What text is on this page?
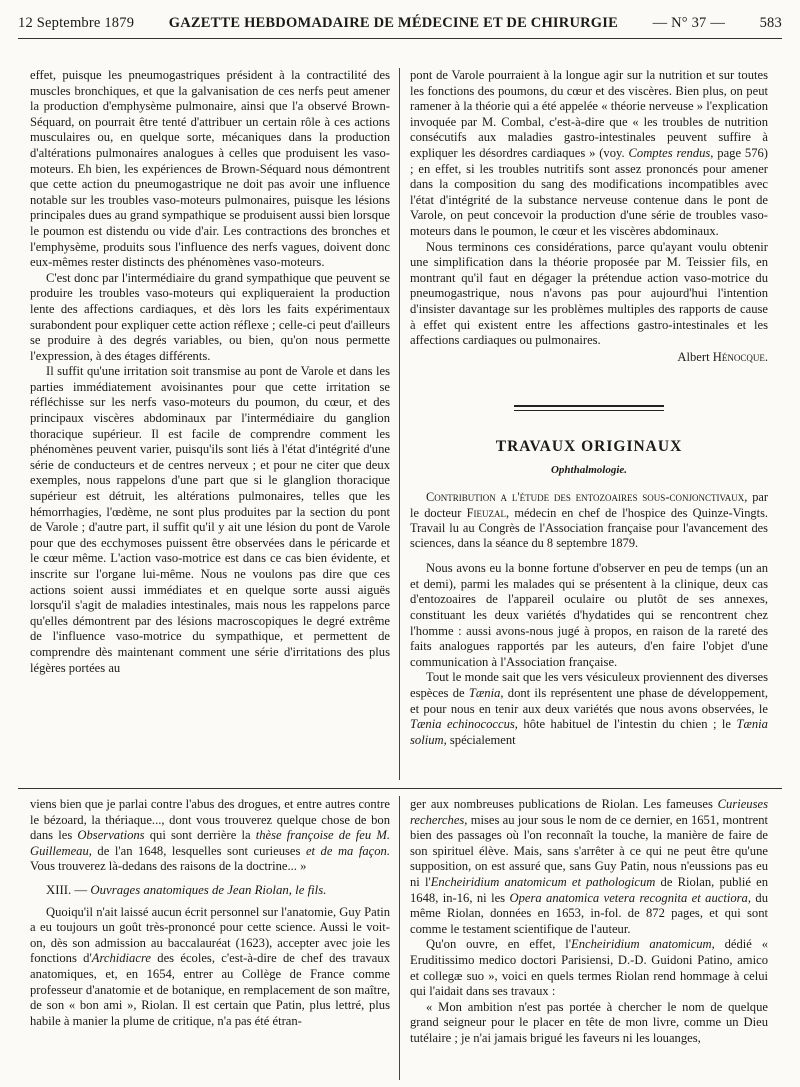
12 Septembre 1879 GAZETTE HEBDOMADAIRE DE MÉDECINE ET DE CHIRURGIE — N° 37 — 583

effet, puisque les pneumogastriques président à la contractilité des muscles bronchiques, et que la galvanisation de ces nerfs peut amener la production d'emphysème pulmonaire, ainsi que l'a observé Brown-Séquard, on pourrait être tenté d'attribuer un certain rôle à ces actions musculaires ou, en quelque sorte, mécaniques dans la production d'altérations pulmonaires analogues à celles que produisent les vaso-moteurs. Eh bien, les expériences de Brown-Séquard nous démontrent que cette action du pneumogastrique ne doit pas avoir une influence notable sur les troubles vaso-moteurs pulmonaires, puisque les lésions principales dues au grand sympathique se produisent aussi bien lorsque le poumon est distendu ou vide d'air. Les contractions des bronches et l'emphysème, produits sous l'influence des nerfs vagues, doivent donc eux-mêmes rester distincts des phénomènes vaso-moteurs.

C'est donc par l'intermédiaire du grand sympathique que peuvent se produire les troubles vaso-moteurs qui expliqueraient la production lente des affections cardiaques, et dès lors les faits expérimentaux surabondent pour expliquer cette action réflexe ; celle-ci peut d'ailleurs se produire à des degrés variables, ou bien, qu'on nous permette l'expression, à des étages différents.

Il suffit qu'une irritation soit transmise au pont de Varole et dans les parties immédiatement avoisinantes pour que cette irritation se réfléchisse sur les nerfs vaso-moteurs du poumon, du cœur, et des principaux viscères abdominaux par l'intermédiaire du ganglion thoracique supérieur. Il est facile de comprendre comment les phénomènes peuvent varier, puisqu'ils sont liés à l'état d'intégrité d'une série de conducteurs et de centres nerveux ; et pour ne citer que deux exemples, nous rappelons d'une part que si le glanglion thoracique supérieur est détruit, les altérations pulmonaires, telles que les hémorrhagies, l'œdème, ne sont plus produites par la section du pont de Varole ; d'autre part, il suffit qu'il y ait une lésion du pont de Varole pour que des ecchymoses puissent être observées dans le péricarde et le cœur même. L'action vaso-motrice est dans ce cas bien évidente, et inscrite sur l'organe lui-même. Nous ne voulons pas dire que ces actions soient aussi immédiates et en quelque sorte aussi aiguës lorsqu'il s'agit de maladies intestinales, mais nous les rappelons parce qu'elles démontrent par des lésions macroscopiques le degré extrême de l'influence vaso-motrice du sympathique, et permettent de comprendre dès maintenant comment une série d'irritations des plus légères portées au

pont de Varole pourraient à la longue agir sur la nutrition et sur toutes les fonctions des poumons, du cœur et des viscères. Bien plus, on peut ramener à la théorie qui a été appelée « théorie nerveuse » l'explication invoquée par M. Combal, c'est-à-dire que « les troubles de nutrition consécutifs aux maladies gastro-intestinales peuvent suffire à expliquer les désordres cardiaques » (voy. Comptes rendus, page 576) ; en effet, si les troubles nutritifs sont assez prononcés pour amener dans la composition du sang des modifications incompatibles avec l'état d'intégrité de la substance nerveuse contenue dans le pont de Varole, on peut concevoir la production d'une série de troubles vaso-moteurs dans le poumon, le cœur et les viscères abdominaux.

Nous terminons ces considérations, parce qu'ayant voulu obtenir une simplification dans la théorie proposée par M. Teissier fils, en montrant qu'il faut en dégager la prétendue action vaso-motrice du pneumogastrique, nous n'avons pas pour aujourd'hui l'intention d'insister davantage sur les problèmes multiples des rapports de cause à effet qui existent entre les affections gastro-intestinales et les affections cardiaques ou pulmonaires.

Albert Hénocque.
TRAVAUX ORIGINAUX
Ophthalmologie.
Contribution a l'étude des entozoaires sous-conjonctivaux, par le docteur Fieuzal, médecin en chef de l'hospice des Quinze-Vingts. Travail lu au Congrès de l'Association française pour l'avancement des sciences, dans la séance du 8 septembre 1879.

Nous avons eu la bonne fortune d'observer en peu de temps (un an et demi), parmi les malades qui se présentent à la clinique, deux cas d'entozoaires de l'appareil oculaire ou plutôt de ses annexes, constituant les deux variétés d'hydatides qui se rencontrent chez l'homme : aussi avons-nous jugé à propos, en raison de la rareté des faits analogues rapportés par les auteurs, d'en faire l'objet d'une communication à l'Association française.

Tout le monde sait que les vers vésiculeux proviennent des diverses espèces de Tænia, dont ils représentent une phase de développement, et pour nous en tenir aux deux variétés que nous avons observées, le Tænia echinococcus, hôte habituel de l'intestin du chien ; le Tænia solium, spécialement

viens bien que je parlai contre l'abus des drogues, et entre autres contre le bézoard, la thériaque..., dont vous trouverez quelque chose de bon dans les Observations qui sont derrière la thèse françoise de feu M. Guillemeau, de l'an 1648, lesquelles sont curieuses et de ma façon. Vous trouverez là-dedans des raisons de la doctrine... »

XIII. — Ouvrages anatomiques de Jean Riolan, le fils.

Quoiqu'il n'ait laissé aucun écrit personnel sur l'anatomie, Guy Patin a eu toujours un goût très-prononcé pour cette science. Aussi le voit-on, dès son admission au baccalauréat (1623), accepter avec joie les fonctions d'Archidiacre des écoles, c'est-à-dire de chef des travaux anatomiques, et, en 1654, entrer au Collège de France comme professeur d'anatomie et de botanique, en remplacement de son maître, de son « bon ami », Riolan. Il est certain que Patin, plus lettré, plus habile à manier la plume de critique, n'a pas été étran-

ger aux nombreuses publications de Riolan. Les fameuses Curieuses recherches, mises au jour sous le nom de ce dernier, en 1651, montrent bien des passages où l'on reconnaît la touche, la manière de faire de son spirituel élève. Mais, sans s'arrêter à ce qui ne peut être qu'une supposition, on est assuré que, sans Guy Patin, nous n'eussions pas eu ni l'Encheiridium anatomicum et pathologicum de Riolan, publié en 1648, in-16, ni les Opera anatomica vetera recognita et auctiora, du même Riolan, données en 1653, in-fol. de 872 pages, et qui sont comme le testament scientifique de l'auteur.

Qu'on ouvre, en effet, l'Encheiridium anatomicum, dédié « Eruditissimo medico doctori Parisiensi, D.-D. Guidoni Patino, amico et collegæ suo », voici en quels termes Riolan rend hommage à celui qui l'aidait dans ses travaux :

« Mon ambition n'est pas portée à chercher le nom de quelque grand seigneur pour le placer en tête de mon livre, comme un Dieu tutélaire ; je n'ai jamais brigué les faveurs ni les louanges,
